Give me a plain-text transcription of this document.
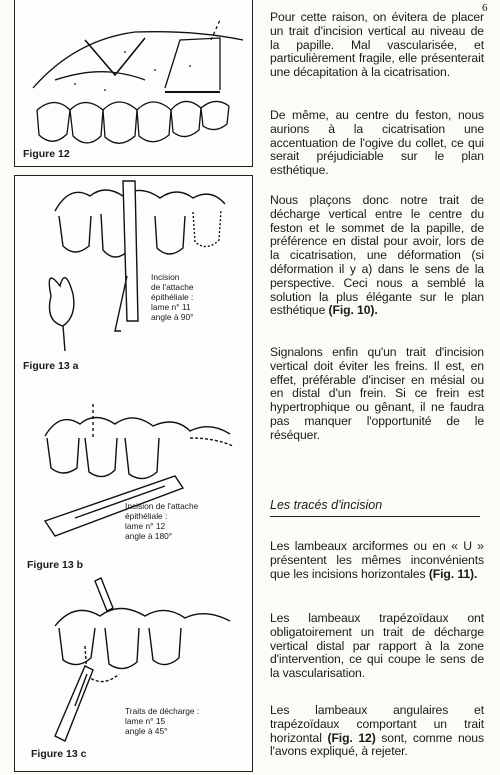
6
Figure 12
Incision
de l'attache
épithéliale :
lame n° 11
angle à 90°
Figure 13 a
Incision de l'attache
épithéliale :
lame n° 12
angle à 180°
Figure 13 b
Traits de décharge :
lame n° 15
angle à 45°
Figure 13 c

Pour cette raison, on évitera de placer un trait d'incision vertical au niveau de la papille. Mal vascularisée, et particulièrement fragile, elle présenterait une décapitation à la cicatrisation.

De même, au centre du feston, nous aurions à la cicatrisation une accentuation de l'ogive du collet, ce qui serait préjudiciable sur le plan esthétique.

Nous plaçons donc notre trait de décharge vertical entre le centre du feston et le sommet de la papille, de préférence en distal pour avoir, lors de la cicatrisation, une déformation (si déformation il y a) dans le sens de la perspective. Ceci nous a semblé la solution la plus élégante sur le plan esthétique (Fig. 10).

Signalons enfin qu'un trait d'incision vertical doit éviter les freins. Il est, en effet, préférable d'inciser en mésial ou en distal d'un frein. Si ce frein est hypertrophique ou gênant, il ne faudra pas manquer l'opportunité de le réséquer.

Les tracés d'incision

Les lambeaux arciformes ou en « U » présentent les mêmes inconvénients que les incisions horizontales (Fig. 11).

Les lambeaux trapézoïdaux ont obligatoirement un trait de décharge vertical distal par rapport à la zone d'intervention, ce qui coupe le sens de la vascularisation.

Les lambeaux angulaires et trapézoïdaux comportant un trait horizontal (Fig. 12) sont, comme nous l'avons expliqué, à rejeter.
